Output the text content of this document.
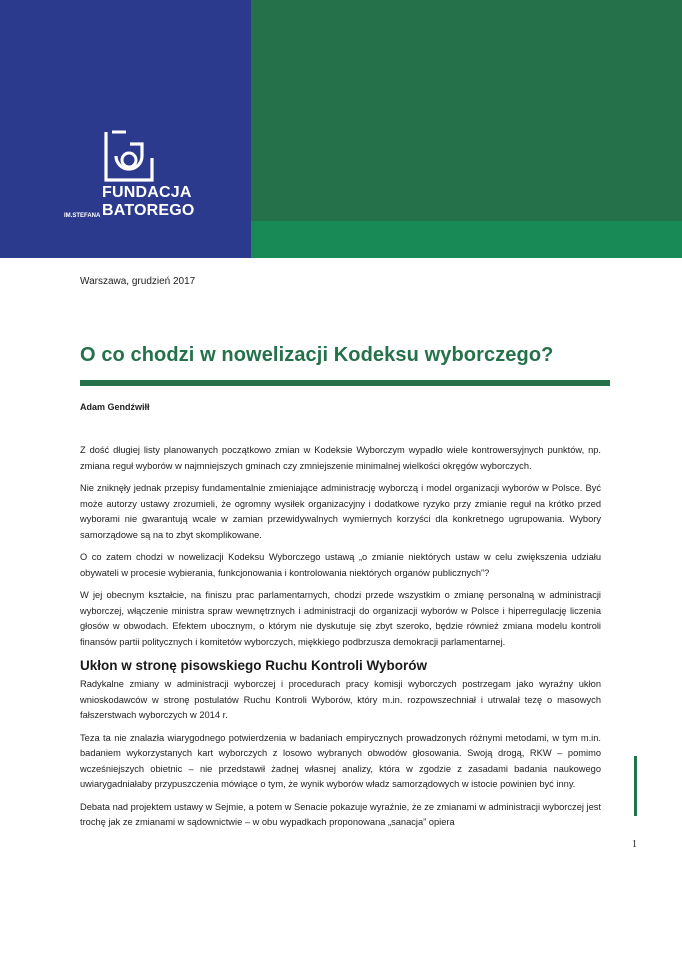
FUNDACJA
IM.STEFANA BATOREGO
Warszawa, grudzień 2017
O co chodzi w nowelizacji Kodeksu wyborczego?
Adam Gendźwiłł

Z dość długiej listy planowanych początkowo zmian w Kodeksie Wyborczym wypadło wiele kontrowersyjnych punktów, np. zmiana reguł wyborów w najmniejszych gminach czy zmniejszenie minimalnej wielkości okręgów wyborczych.

Nie zniknęły jednak przepisy fundamentalnie zmieniające administrację wyborczą i model organizacji wyborów w Polsce. Być może autorzy ustawy zrozumieli, że ogromny wysiłek organizacyjny i dodatkowe ryzyko przy zmianie reguł na krótko przed wyborami nie gwarantują wcale w zamian przewidywalnych wymiernych korzyści dla konkretnego ugrupowania. Wybory samorządowe są na to zbyt skomplikowane.

O co zatem chodzi w nowelizacji Kodeksu Wyborczego ustawą „o zmianie niektórych ustaw w celu zwiększenia udziału obywateli w procesie wybierania, funkcjonowania i kontrolowania niektórych organów publicznych”?

W jej obecnym kształcie, na finiszu prac parlamentarnych, chodzi przede wszystkim o zmianę personalną w administracji wyborczej, włączenie ministra spraw wewnętrznych i administracji do organizacji wyborów w Polsce i hiperregulację liczenia głosów w obwodach. Efektem ubocznym, o którym nie dyskutuje się zbyt szeroko, będzie również zmiana modelu kontroli finansów partii politycznych i komitetów wyborczych, miękkiego podbrzusza demokracji parlamentarnej.

Ukłon w stronę pisowskiego Ruchu Kontroli Wyborów

Radykalne zmiany w administracji wyborczej i procedurach pracy komisji wyborczych postrzegam jako wyraźny ukłon wnioskodawców w stronę postulatów Ruchu Kontroli Wyborów, który m.in. rozpowszechniał i utrwalał tezę o masowych fałszerstwach wyborczych w 2014 r.

Teza ta nie znalazła wiarygodnego potwierdzenia w badaniach empirycznych prowadzonych różnymi metodami, w tym m.in. badaniem wykorzystanych kart wyborczych z losowo wybranych obwodów głosowania. Swoją drogą, RKW – pomimo wcześniejszych obietnic – nie przedstawił żadnej własnej analizy, która w zgodzie z zasadami badania naukowego uwiarygadniałaby przypuszczenia mówiące o tym, że wynik wyborów władz samorządowych w istocie powinien być inny.

Debata nad projektem ustawy w Sejmie, a potem w Senacie pokazuje wyraźnie, że ze zmianami w administracji wyborczej jest trochę jak ze zmianami w sądownictwie – w obu wypadkach proponowana „sanacja” opiera

1
